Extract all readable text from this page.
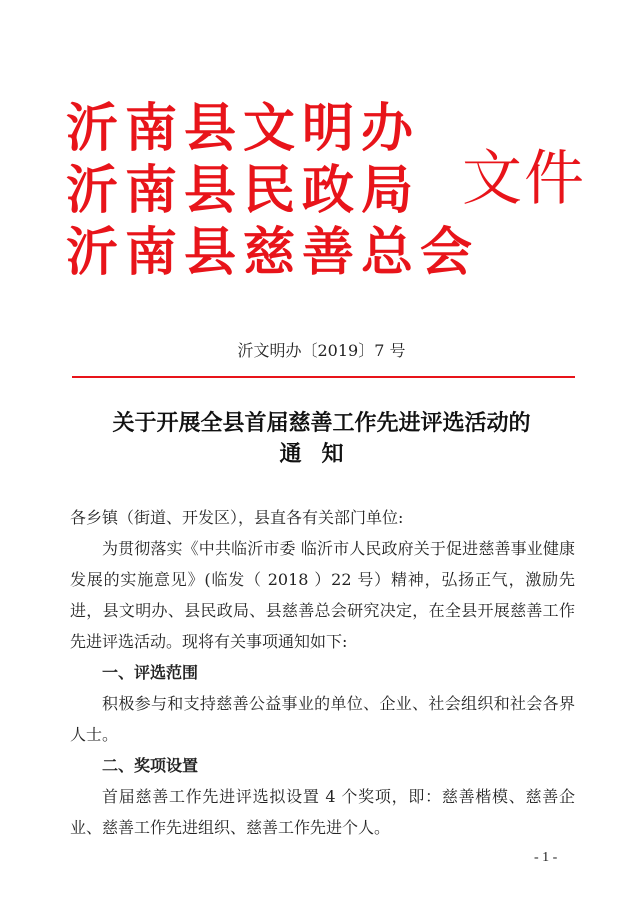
沂南县文明办
沂南县民政局
沂南县慈善总会
文件
沂文明办〔2019〕7 号
关于开展全县首届慈善工作先进评选活动的
通知

各乡镇（街道、开发区），县直各有关部门单位:

为贯彻落实《中共临沂市委 临沂市人民政府关于促进慈善事业健康发展的实施意见》(临发（ 2018 ）22 号）精神，弘扬正气，激励先进，县文明办、县民政局、县慈善总会研究决定，在全县开展慈善工作先进评选活动。现将有关事项通知如下:

一、评选范围

积极参与和支持慈善公益事业的单位、企业、社会组织和社会各界人士。

二、奖项设置

首届慈善工作先进评选拟设置 4 个奖项，即：慈善楷模、慈善企业、慈善工作先进组织、慈善工作先进个人。

- 1 -
